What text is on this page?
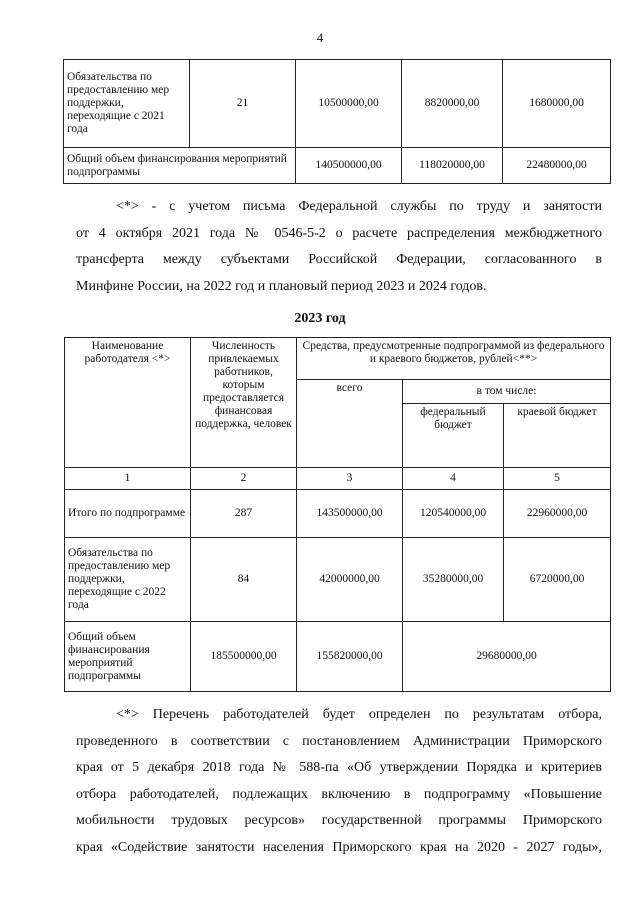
4
Обязательства по предоставлению мер поддержки, переходящие с 2021 года	21	10500000,00	8820000,00	1680000,00
Общий объем финансирования мероприятий подпрограммы		140500000,00	118020000,00	22480000,00
<*> - с учетом письма Федеральной службы по труду и занятости
от 4 октября 2021 года № 0546-5-2 о расчете распределения межбюджетного
трансферта между субъектами Российской Федерации, согласованного в
Минфине России, на 2022 год и плановый период 2023 и 2024 годов.
2023 год
Наименование работодателя <*>	Численность привлекаемых работников, которым предоставляется финансовая поддержка, человек	Средства, предусмотренные подпрограммой из федерального и краевого бюджетов, рублей<**>		
		всего	в том числе:	
			федеральный бюджет	краевой бюджет
1	2	3	4	5
Итого по подпрограмме	287	143500000,00	120540000,00	22960000,00
Обязательства по предоставлению мер поддержки, переходящие с 2022 года	84	42000000,00	35280000,00	6720000,00
Общий объем финансирования мероприятий подпрограммы	185500000,00	155820000,00	29680000,00	
<*> Перечень работодателей будет определен по результатам отбора,
проведенного в соответствии с постановлением Администрации Приморского
края от 5 декабря 2018 года № 588-па «Об утверждении Порядка и критериев
отбора работодателей, подлежащих включению в подпрограмму «Повышение
мобильности трудовых ресурсов» государственной программы Приморского
края «Содействие занятости населения Приморского края на 2020 - 2027 годы»,
